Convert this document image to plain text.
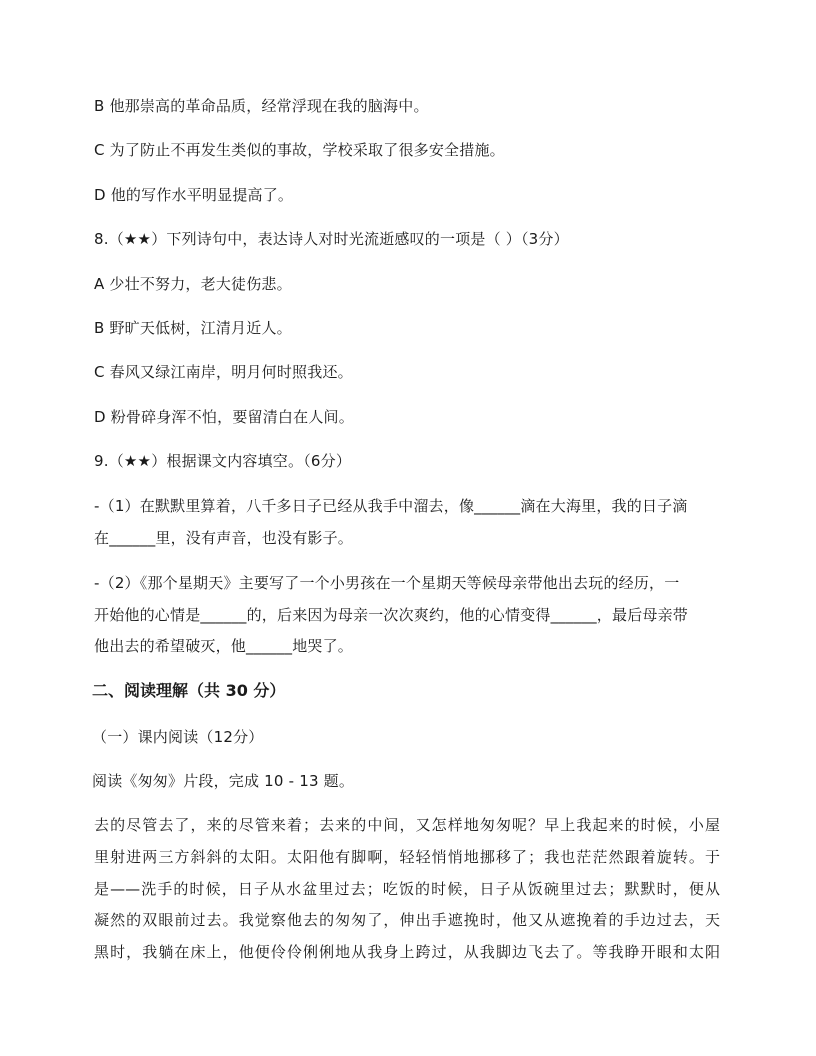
B 他那崇高的革命品质，经常浮现在我的脑海中。
C 为了防止不再发生类似的事故，学校采取了很多安全措施。
D 他的写作水平明显提高了。
8.（★★）下列诗句中，表达诗人对时光流逝感叹的一项是（ ）（3分）
A 少壮不努力，老大徒伤悲。
B 野旷天低树，江清月近人。
C 春风又绿江南岸，明月何时照我还。
D 粉骨碎身浑不怕，要留清白在人间。
9.（★★）根据课文内容填空。（6分）
-（1）在默默里算着，八千多日子已经从我手中溜去，像______滴在大海里，我的日子滴
在______里，没有声音，也没有影子。
-（2）《那个星期天》主要写了一个小男孩在一个星期天等候母亲带他出去玩的经历，一
开始他的心情是______的，后来因为母亲一次次爽约，他的心情变得______，最后母亲带
他出去的希望破灭，他______地哭了。
二、阅读理解（共 30 分）
（一）课内阅读（12分）
阅读《匆匆》片段，完成 10 - 13 题。
去的尽管去了，来的尽管来着；去来的中间，又怎样地匆匆呢？早上我起来的时候，小屋
里射进两三方斜斜的太阳。太阳他有脚啊，轻轻悄悄地挪移了；我也茫茫然跟着旋转。于
是——洗手的时候，日子从水盆里过去；吃饭的时候，日子从饭碗里过去；默默时，便从
凝然的双眼前过去。我觉察他去的匆匆了，伸出手遮挽时，他又从遮挽着的手边过去，天
黑时，我躺在床上，他便伶伶俐俐地从我身上跨过，从我脚边飞去了。等我睁开眼和太阳
